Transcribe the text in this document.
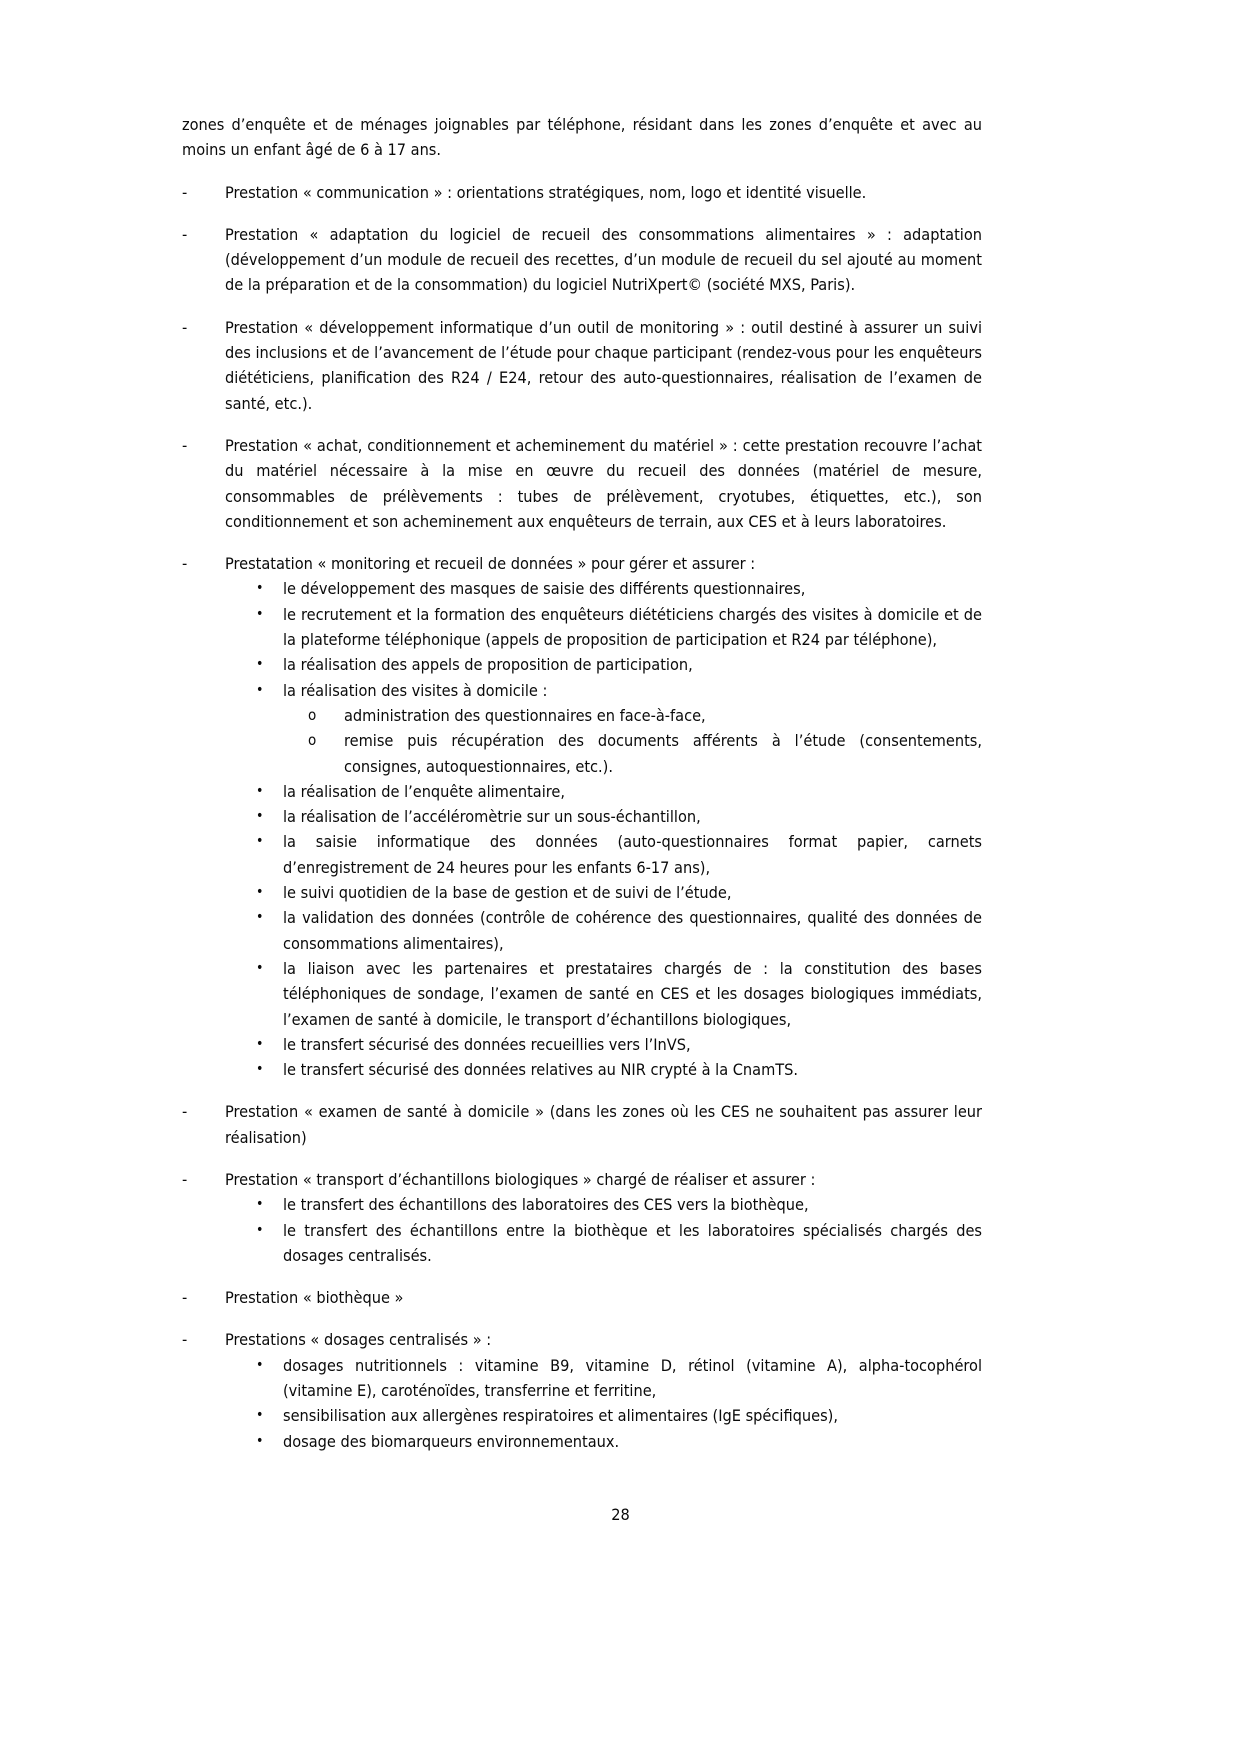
zones d’enquête et de ménages joignables par téléphone, résidant dans les zones d’enquête et avec au moins un enfant âgé de 6 à 17 ans.

-	Prestation « communication » : orientations stratégiques, nom, logo et identité visuelle.
-	Prestation « adaptation du logiciel de recueil des consommations alimentaires » : adaptation (développement d’un module de recueil des recettes, d’un module de recueil du sel ajouté au moment de la préparation et de la consommation) du logiciel NutriXpert© (société MXS, Paris).
-	Prestation « développement informatique d’un outil de monitoring » : outil destiné à assurer un suivi des inclusions et de l’avancement de l’étude pour chaque participant (rendez-vous pour les enquêteurs diététiciens, planification des R24 / E24, retour des auto-questionnaires, réalisation de l’examen de santé, etc.).
-	Prestation « achat, conditionnement et acheminement du matériel » : cette prestation recouvre l’achat du matériel nécessaire à la mise en œuvre du recueil des données (matériel de mesure, consommables de prélèvements : tubes de prélèvement, cryotubes, étiquettes, etc.), son conditionnement et son acheminement aux enquêteurs de terrain, aux CES et à leurs laboratoires.
-	Prestatation « monitoring et recueil de données » pour gérer et assurer :
• le développement des masques de saisie des différents questionnaires,
• le recrutement et la formation des enquêteurs diététiciens chargés des visites à domicile et de la plateforme téléphonique (appels de proposition de participation et R24 par téléphone),
• la réalisation des appels de proposition de participation,
• la réalisation des visites à domicile :
o administration des questionnaires en face-à-face,
o remise puis récupération des documents afférents à l’étude (consentements, consignes, autoquestionnaires, etc.).
• la réalisation de l’enquête alimentaire,
• la réalisation de l’accéléromètrie sur un sous-échantillon,
• la saisie informatique des données (auto-questionnaires format papier, carnets d’enregistrement de 24 heures pour les enfants 6-17 ans),
• le suivi quotidien de la base de gestion et de suivi de l’étude,
• la validation des données (contrôle de cohérence des questionnaires, qualité des données de consommations alimentaires),
• la liaison avec les partenaires et prestataires chargés de : la constitution des bases téléphoniques de sondage, l’examen de santé en CES et les dosages biologiques immédiats, l’examen de santé à domicile, le transport d’échantillons biologiques,
• le transfert sécurisé des données recueillies vers l’InVS,
• le transfert sécurisé des données relatives au NIR crypté à la CnamTS.
-	Prestation « examen de santé à domicile » (dans les zones où les CES ne souhaitent pas assurer leur réalisation)
-	Prestation « transport d’échantillons biologiques » chargé de réaliser et assurer :
• le transfert des échantillons des laboratoires des CES vers la biothèque,
• le transfert des échantillons entre la biothèque et les laboratoires spécialisés chargés des dosages centralisés.
-	Prestation « biothèque »
-	Prestations « dosages centralisés » :
• dosages nutritionnels : vitamine B9, vitamine D, rétinol (vitamine A), alpha-tocophérol (vitamine E), caroténoïdes, transferrine et ferritine,
• sensibilisation aux allergènes respiratoires et alimentaires (IgE spécifiques),
• dosage des biomarqueurs environnementaux.
28
